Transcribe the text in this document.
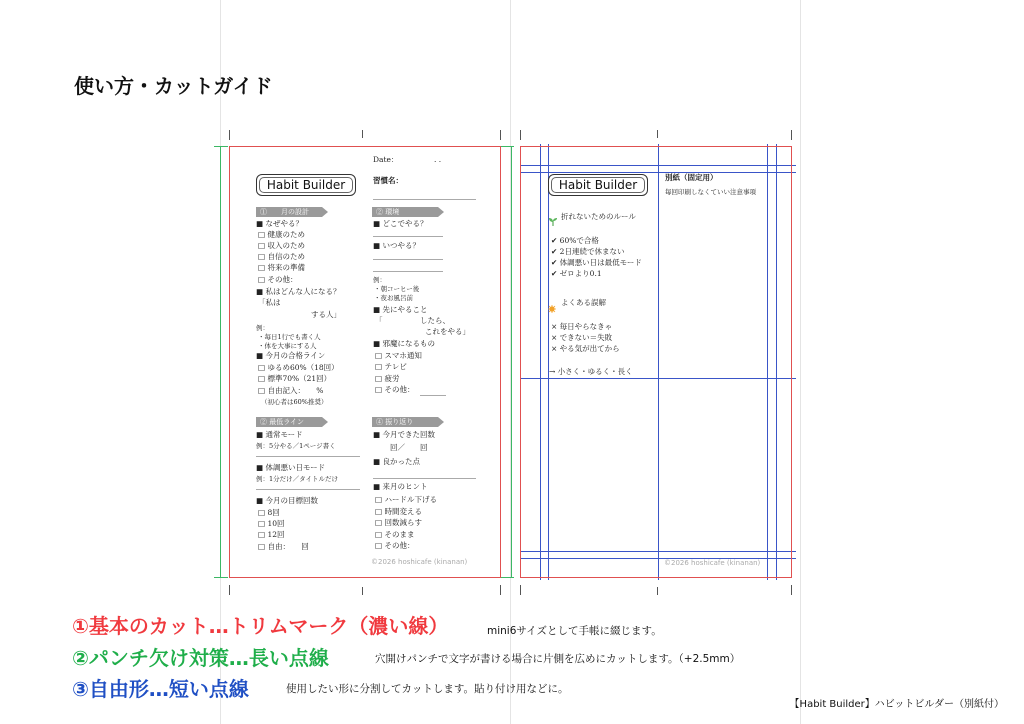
使い方・カットガイド
Date：	. .
Habit Builder	習慣名：
①　　月の設計
■ なぜやる？
□ 健康のため
□ 収入のため
□ 自信のため
□ 将来の準備
□ その他：
■ 私はどんな人になる？
「私は
する人」
例：
・毎日1行でも書く人
・体を大事にする人
■ 今月の合格ライン
□ ゆるめ60%（18回）
□ 標準70%（21回）
□ 自由記入：　　%
（初心者は60%推奨）
② 環境
■ どこでやる？
■ いつやる？
例：
・朝コーヒー後
・夜お風呂前
■ 先にやること
「　　　　　したら、
これをやる」
■ 邪魔になるもの
□ スマホ通知
□ テレビ
□ 疲労
□ その他：
② 最低ライン
■ 通常モード
例：5分やる／1ページ書く
■ 体調悪い日モード
例：1分だけ／タイトルだけ
■ 今月の目標回数
□ 8回
□ 10回
□ 12回
□ 自由：　　回
④ 振り返り
■ 今月できた回数
　　回／　　回
■ 良かった点
■ 来月のヒント
□ ハードル下げる
□ 時間変える
□ 回数減らす
□ そのまま
□ その他：
©2026 hoshicafe (kinanan)
Habit Builder
別紙（固定用）
毎回印刷しなくていい注意事項
折れないためのルール
✔ 60%で合格
✔ 2日連続で休まない
✔ 体調悪い日は最低モード
✔ ゼロより0.1
よくある誤解
× 毎日やらなきゃ
× できない＝失敗
× やる気が出てから
→ 小さく・ゆるく・長く
©2026 hoshicafe (kinanan)
①基本のカット…トリムマーク（濃い線）	mini6サイズとして手帳に綴じます。
②パンチ欠け対策…長い点線	穴開けパンチで文字が書ける場合に片側を広めにカットします。（+2.5mm）
③自由形…短い点線	使用したい形に分割してカットします。貼り付け用などに。
【Habit Builder】ハビットビルダー（別紙付）
